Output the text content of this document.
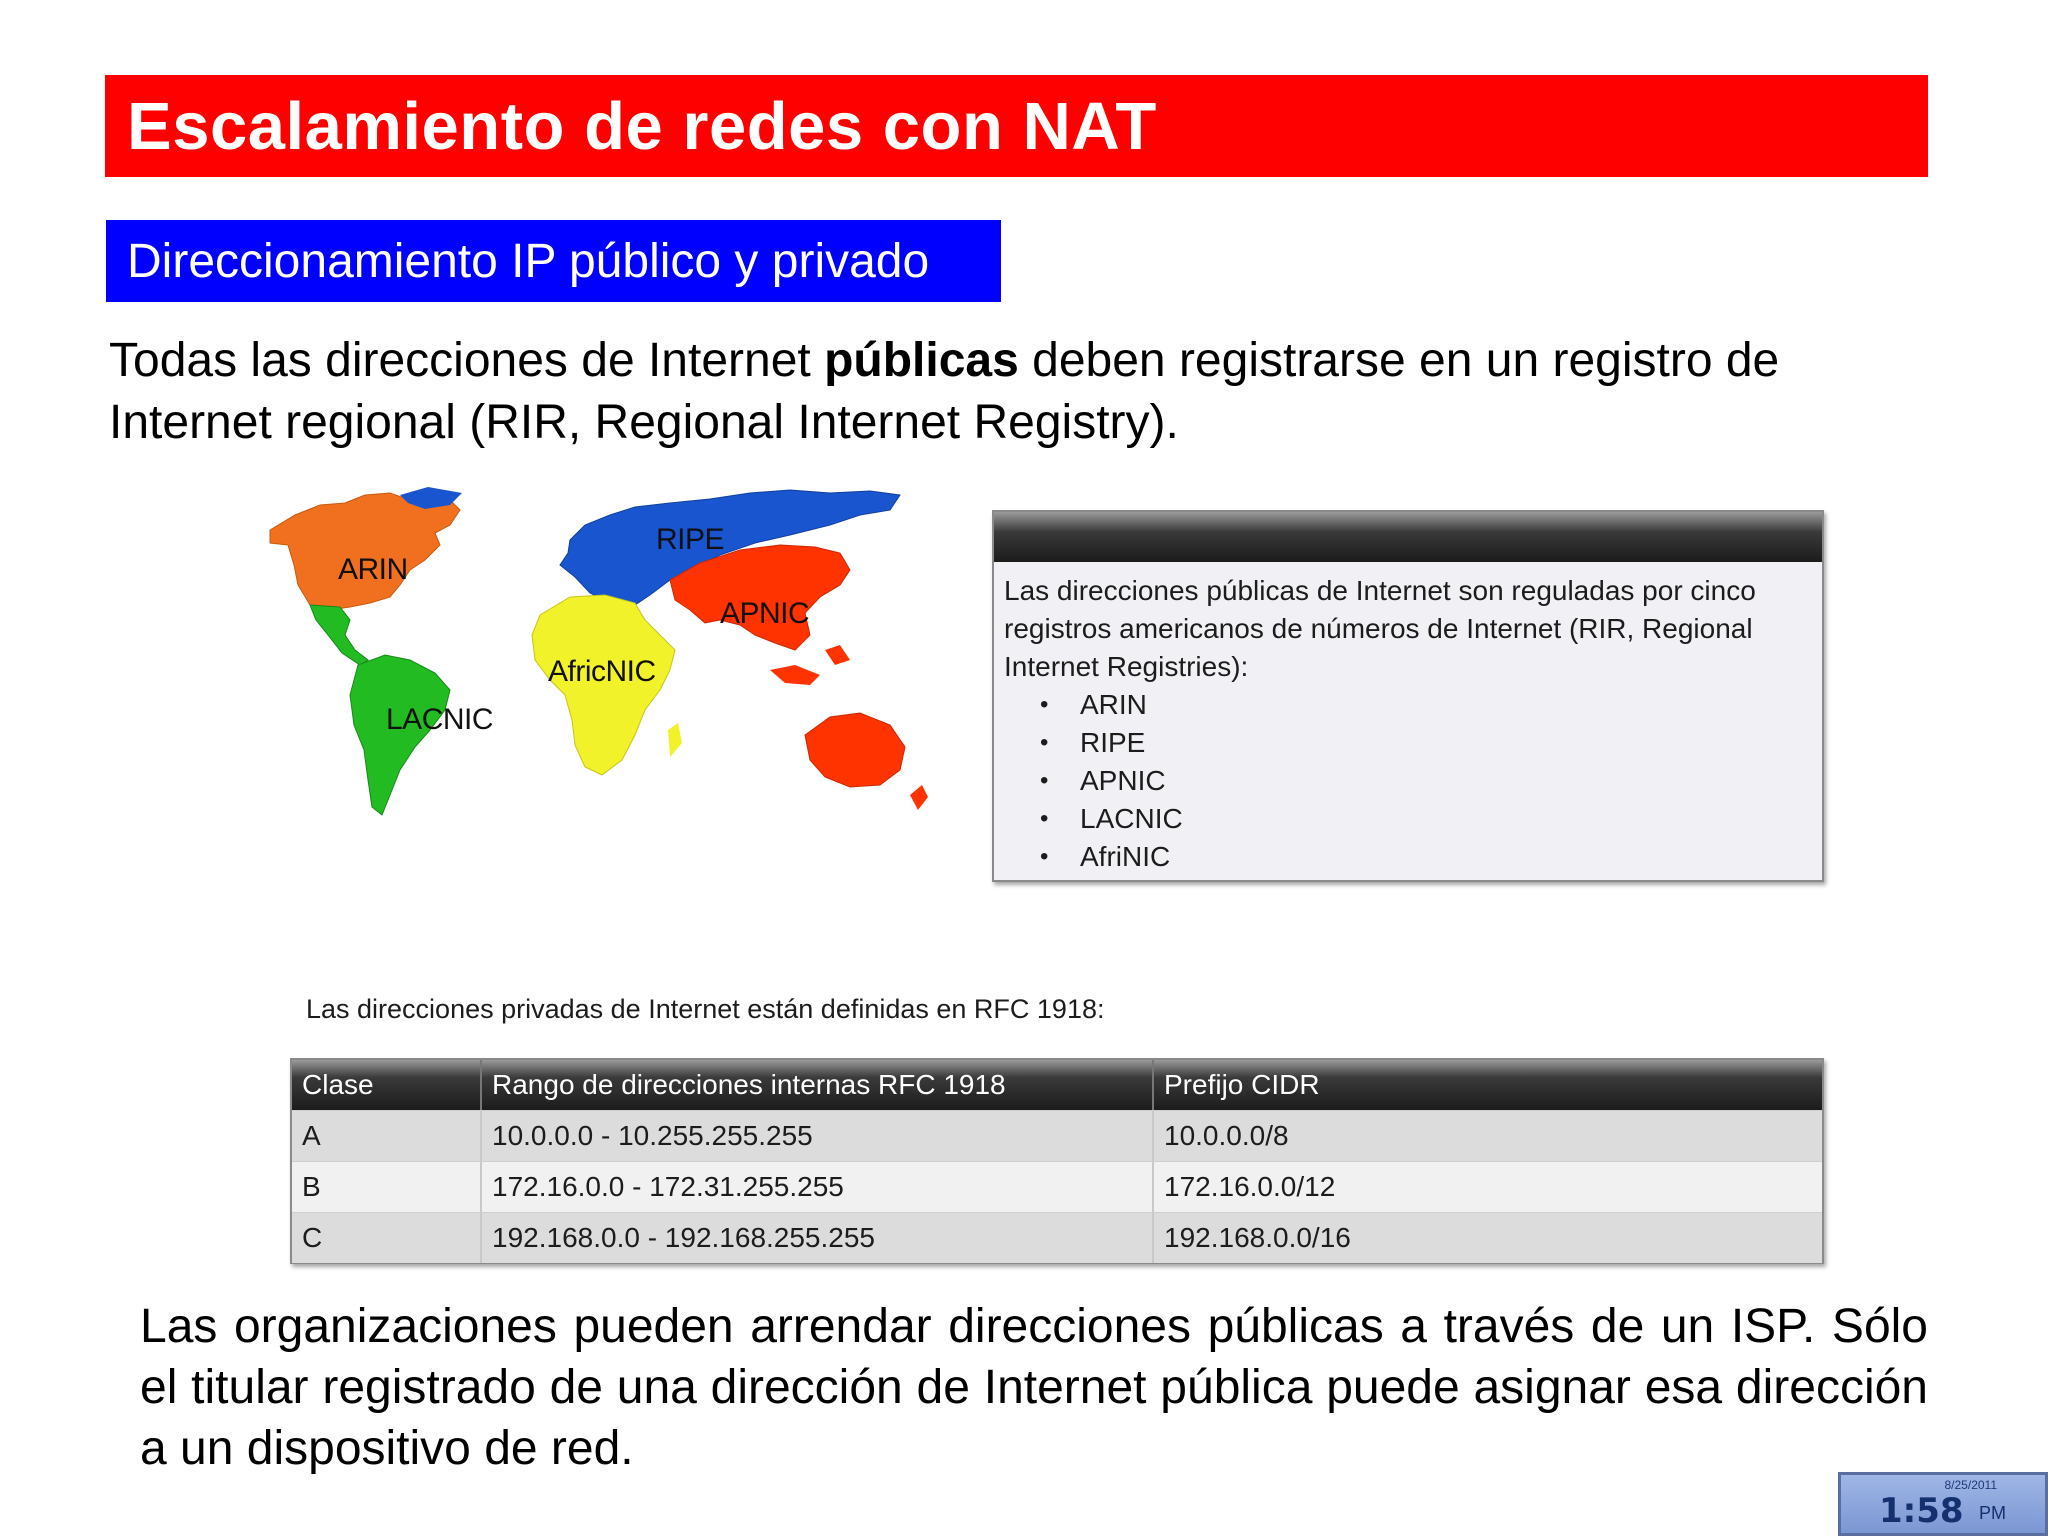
Escalamiento de redes con NAT
Direccionamiento IP público y privado
Todas las direcciones de Internet públicas deben registrarse en un registro de Internet regional (RIR, Regional Internet Registry).
ARIN
RIPE
APNIC
AfricNIC
LACNIC
Las direcciones públicas de Internet son reguladas por cinco registros americanos de números de Internet (RIR, Regional Internet Registries):
• ARIN
• RIPE
• APNIC
• LACNIC
• AfriNIC
Las direcciones privadas de Internet están definidas en RFC 1918:
Clase	Rango de direcciones internas RFC 1918	Prefijo CIDR
A	10.0.0.0 - 10.255.255.255	10.0.0.0/8
B	172.16.0.0 - 172.31.255.255	172.16.0.0/12
C	192.168.0.0 - 192.168.255.255	192.168.0.0/16
Las organizaciones pueden arrendar direcciones públicas a través de un ISP. Sólo el titular registrado de una dirección de Internet pública puede asignar esa dirección a un dispositivo de red.
8/25/2011
1:58 PM
